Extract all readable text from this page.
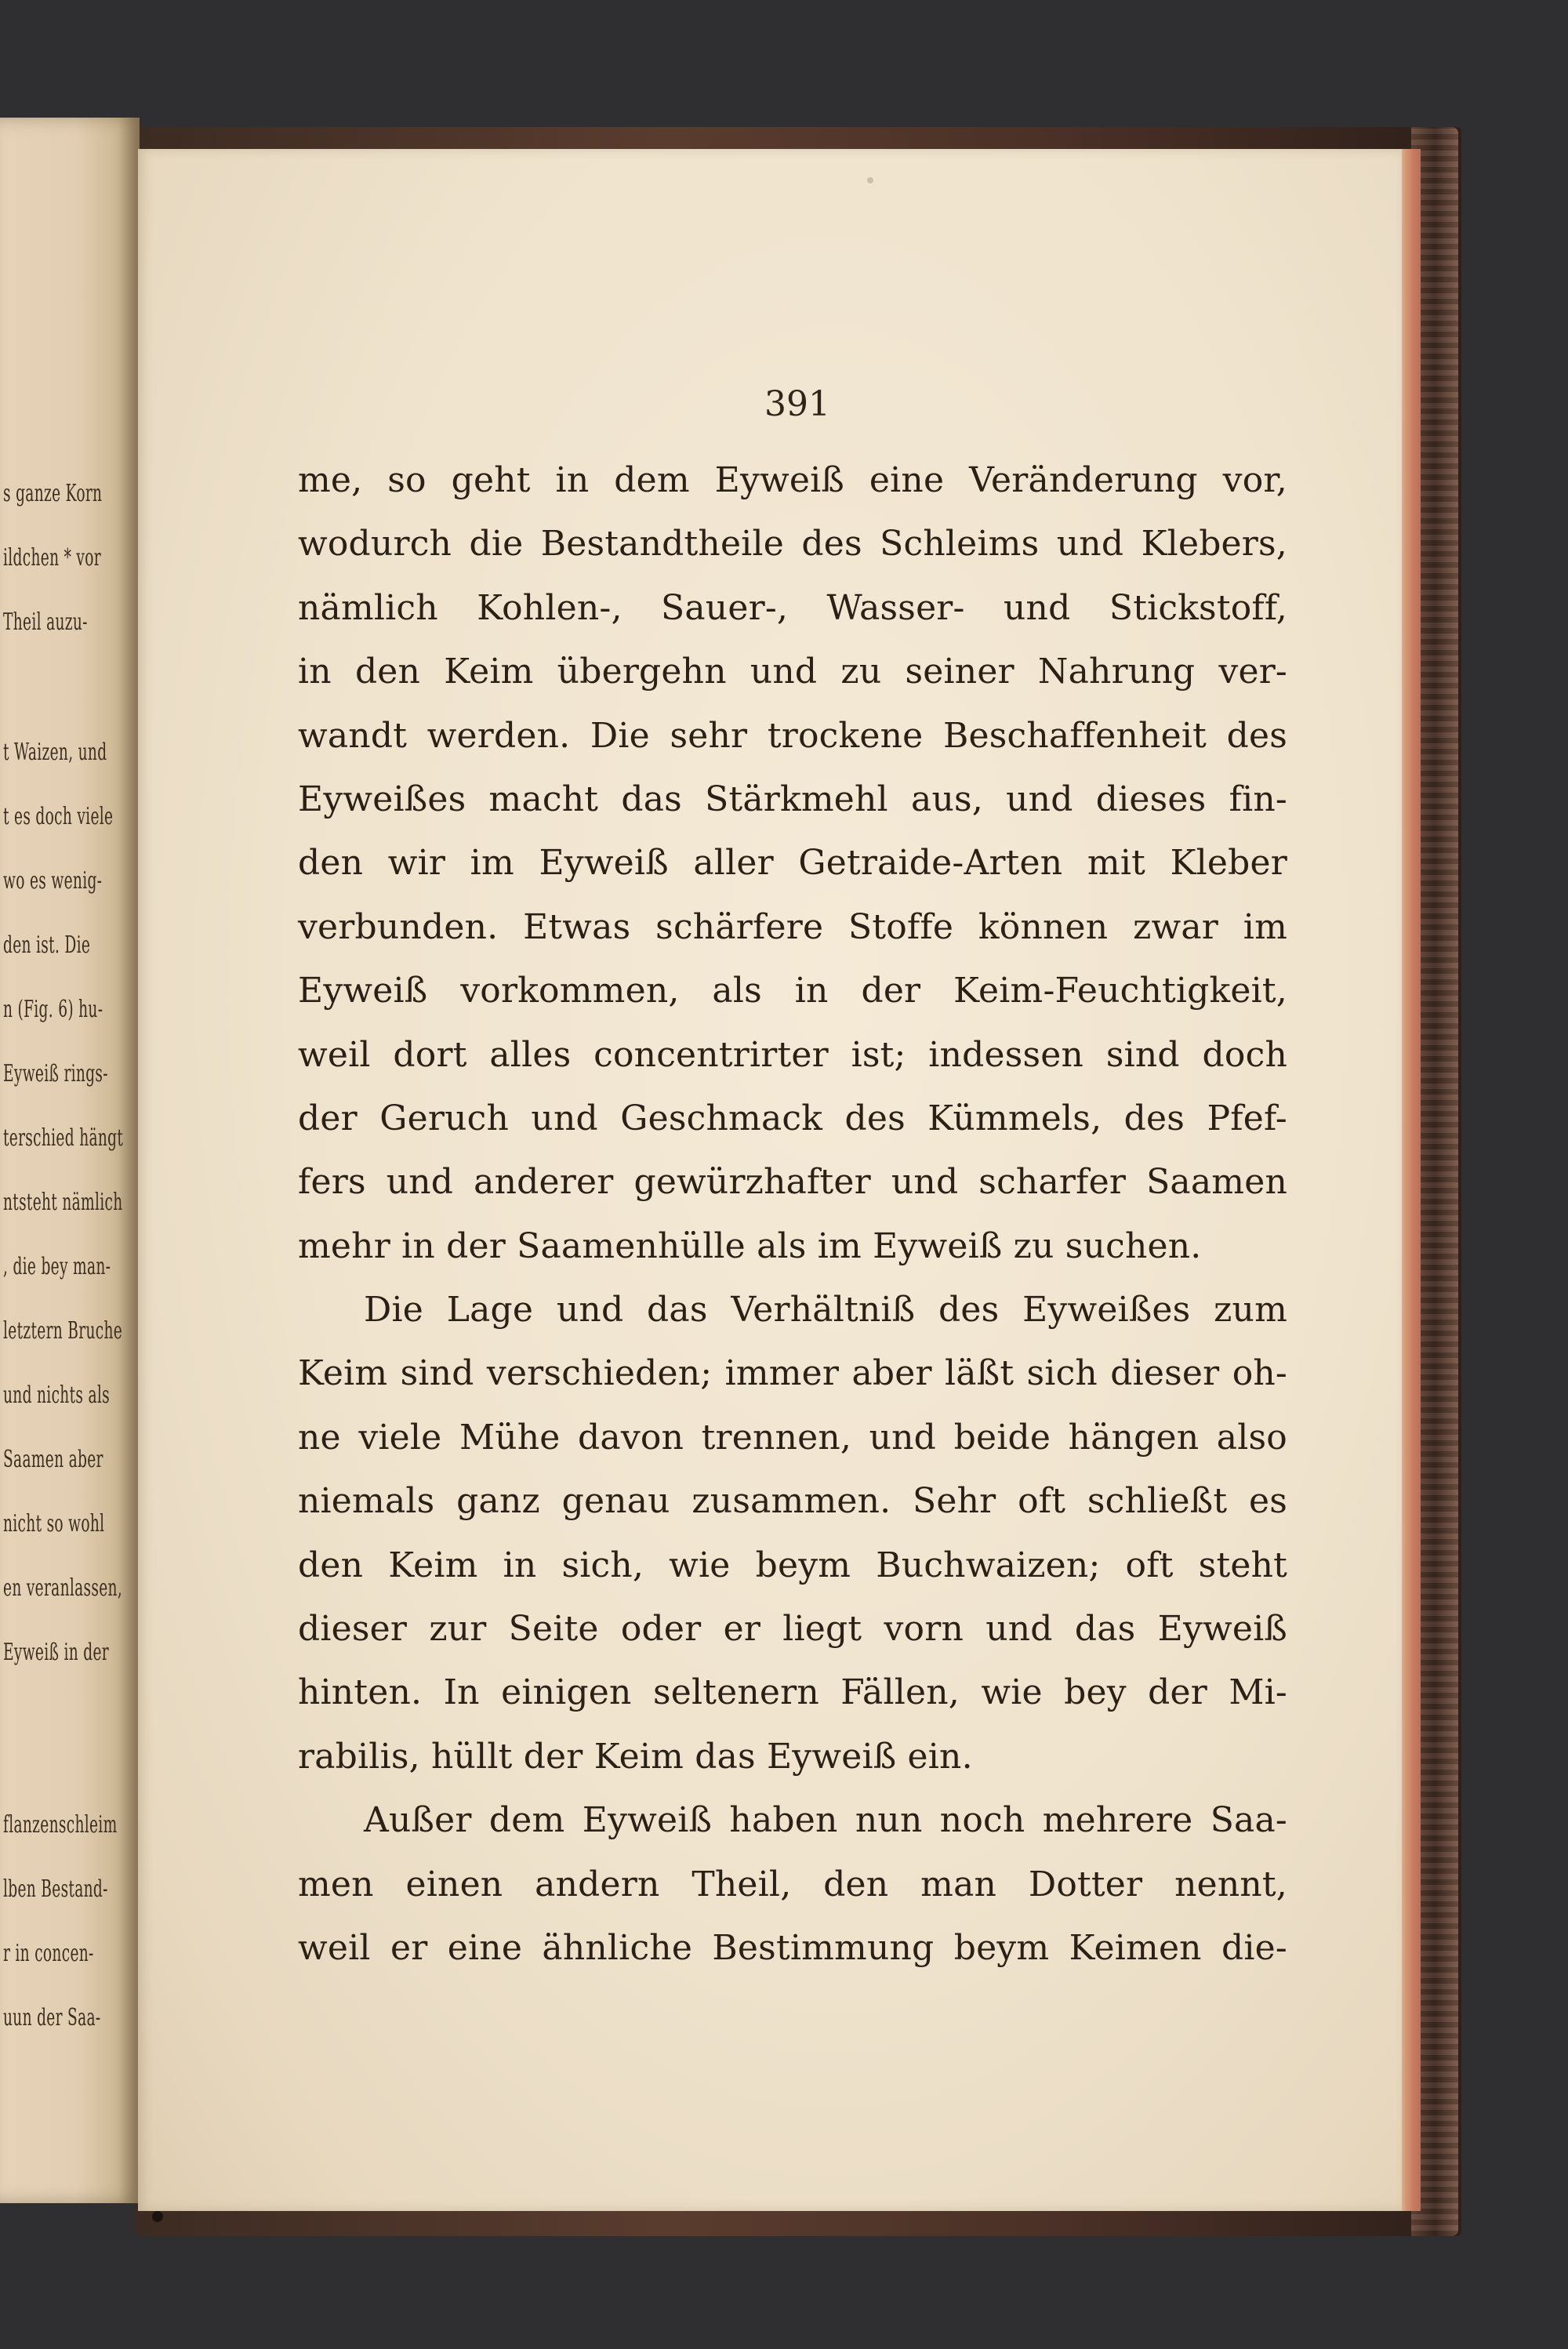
s ganze Korn
ildchen * vor
Theil auzu-
t Waizen, und
t es doch viele
wo es wenig-
den ist. Die
n (Fig. 6) hu-
Eyweiß rings-
terschied hängt
ntsteht nämlich
, die bey man-
letztern Bruche
und nichts als
Saamen aber
nicht so wohl
en veranlassen,
Eyweiß in der
flanzenschleim
lben Bestand-
r in concen-
uun der Saa-
391
me, so geht in dem Eyweiß eine Veränderung vor,
wodurch die Bestandtheile des Schleims und Klebers,
nämlich Kohlen-, Sauer-, Wasser- und Stickstoff,
in den Keim übergehn und zu seiner Nahrung ver-
wandt werden. Die sehr trockene Beschaffenheit des
Eyweißes macht das Stärkmehl aus, und dieses fin-
den wir im Eyweiß aller Getraide-Arten mit Kleber
verbunden. Etwas schärfere Stoffe können zwar im
Eyweiß vorkommen, als in der Keim-Feuchtigkeit,
weil dort alles concentrirter ist; indessen sind doch
der Geruch und Geschmack des Kümmels, des Pfef-
fers und anderer gewürzhafter und scharfer Saamen
mehr in der Saamenhülle als im Eyweiß zu suchen.
Die Lage und das Verhältniß des Eyweißes zum
Keim sind verschieden; immer aber läßt sich dieser oh-
ne viele Mühe davon trennen, und beide hängen also
niemals ganz genau zusammen. Sehr oft schließt es
den Keim in sich, wie beym Buchwaizen; oft steht
dieser zur Seite oder er liegt vorn und das Eyweiß
hinten. In einigen seltenern Fällen, wie bey der Mi-
rabilis, hüllt der Keim das Eyweiß ein.
Außer dem Eyweiß haben nun noch mehrere Saa-
men einen andern Theil, den man Dotter nennt,
weil er eine ähnliche Bestimmung beym Keimen die-
